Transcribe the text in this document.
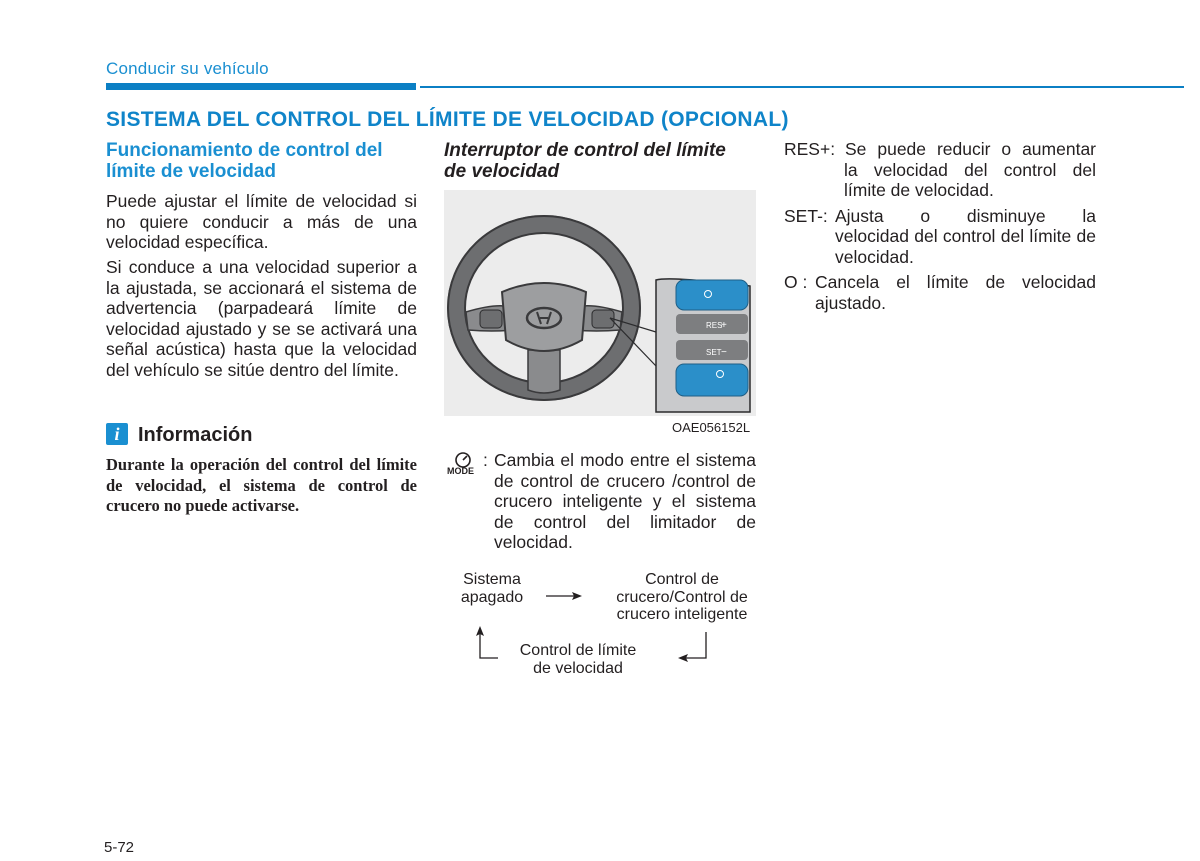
Conducir su vehículo
SISTEMA DEL CONTROL DEL LÍMITE DE VELOCIDAD (OPCIONAL)
Funcionamiento de control del
límite de velocidad
Puede ajustar el límite de velocidad si no quiere conducir a más de una velocidad específica.
Si conduce a una velocidad superior a la ajustada, se accionará el sistema de advertencia (parpadeará límite de velocidad ajustado y se se activará una señal acústica) hasta que la velocidad del vehículo se sitúe dentro del límite.
i Información
Durante la operación del control del límite de velocidad, el sistema de control de crucero no puede activarse.
Interruptor de control del límite
de velocidad
RES
+
SET −
OAE056152L
MODE
: Cambia el modo entre el sistema de control de crucero /control de crucero inteligente y el sistema de control del limitador de velocidad.
Sistema
apagado
Control de
crucero/Control de
crucero inteligente
Control de límite
de velocidad
RES+: Se puede reducir o aumentar
la velocidad del control del límite de velocidad.
SET-: Ajusta o disminuye la
velocidad del control del límite de velocidad.
O : Cancela el límite de velocidad
ajustado.
5-72
